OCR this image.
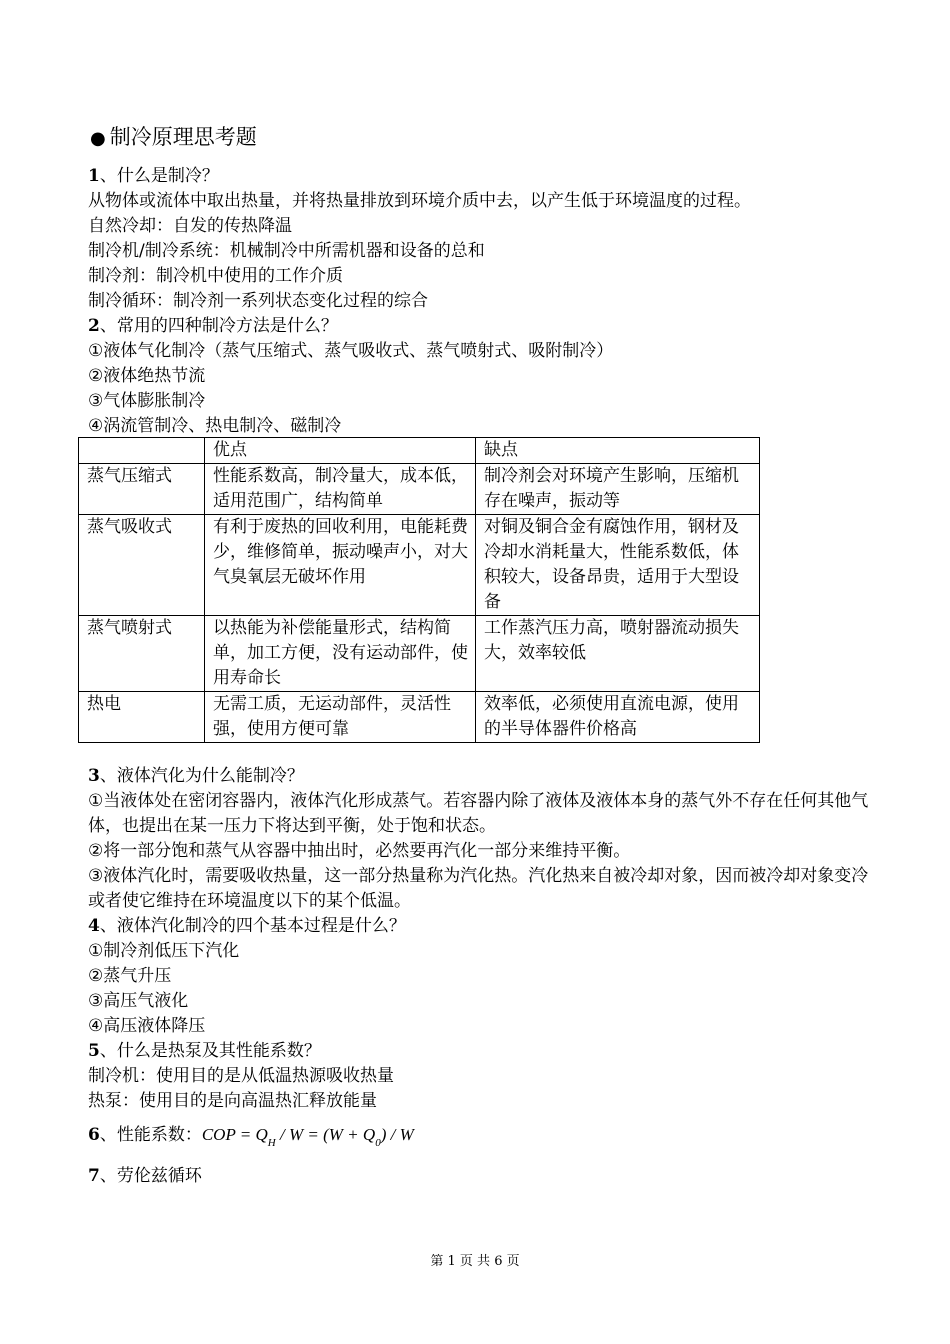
● 制冷原理思考题

1、什么是制冷？

从物体或流体中取出热量，并将热量排放到环境介质中去，以产生低于环境温度的过程。

自然冷却：自发的传热降温

制冷机/制冷系统：机械制冷中所需机器和设备的总和

制冷剂：制冷机中使用的工作介质

制冷循环：制冷剂一系列状态变化过程的综合

2、常用的四种制冷方法是什么？

①液体气化制冷（蒸气压缩式、蒸气吸收式、蒸气喷射式、吸附制冷）

②液体绝热节流

③气体膨胀制冷

④涡流管制冷、热电制冷、磁制冷

	优点	缺点
蒸气压缩式	性能系数高，制冷量大，成本低，适用范围广，结构简单	制冷剂会对环境产生影响，压缩机存在噪声，振动等
蒸气吸收式	有利于废热的回收利用，电能耗费少，维修简单，振动噪声小，对大气臭氧层无破坏作用	对铜及铜合金有腐蚀作用，钢材及冷却水消耗量大，性能系数低，体积较大，设备昂贵，适用于大型设备
蒸气喷射式	以热能为补偿能量形式，结构简单，加工方便，没有运动部件，使用寿命长	工作蒸汽压力高，喷射器流动损失大，效率较低
热电	无需工质，无运动部件，灵活性强，使用方便可靠	效率低，必须使用直流电源，使用的半导体器件价格高

3、液体汽化为什么能制冷？

①当液体处在密闭容器内，液体汽化形成蒸气。若容器内除了液体及液体本身的蒸气外不存在任何其他气体，也提出在某一压力下将达到平衡，处于饱和状态。

②将一部分饱和蒸气从容器中抽出时，必然要再汽化一部分来维持平衡。

③液体汽化时，需要吸收热量，这一部分热量称为汽化热。汽化热来自被冷却对象，因而被冷却对象变冷或者使它维持在环境温度以下的某个低温。

4、液体汽化制冷的四个基本过程是什么？

①制冷剂低压下汽化

②蒸气升压

③高压气液化

④高压液体降压

5、什么是热泵及其性能系数？

制冷机：使用目的是从低温热源吸收热量

热泵：使用目的是向高温热汇释放能量

6、性能系数：COP = $Q_H / W = (W + Q_0) / W$

7、劳伦兹循环

第 1 页 共 6 页
